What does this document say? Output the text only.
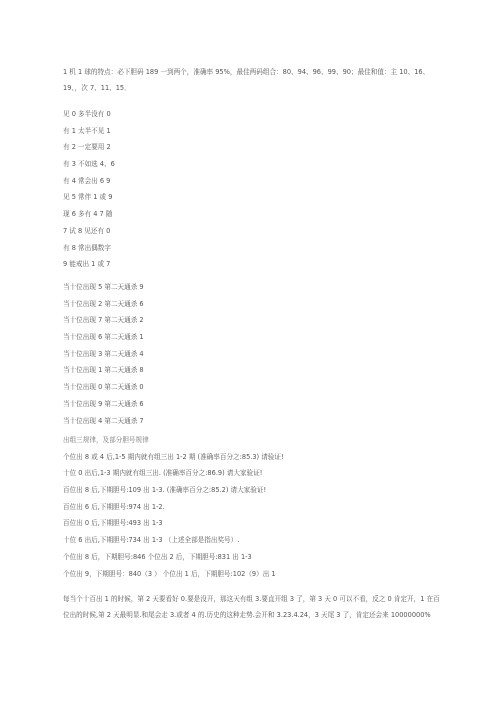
1 机 1 球的特点：必下胆码 189 一到两个，准确率 95%，最佳两码组合：80、94、96、99、90；最佳和值：主 10、16、19、，次 7、11、15．
见 0 多半没有 0
有 1 太半不见 1
有 2 一定要用 2
有 3 不如选 4、6
有 4 常会出 6 9
见 5 常伴 1 或 9
现 6 多有 4 7 随
7 试 8 见还有 0
有 8 常出偶数字
9 能戒出 1 或 7
当十位出现 5 第二天通杀 9
当十位出现 2 第二天通杀 6
当十位出现 7 第二天通杀 2
当十位出现 6 第二天通杀 1
当十位出现 3 第二天通杀 4
当十位出现 1 第二天通杀 8
当十位出现 0 第二天通杀 0
当十位出现 9 第二天通杀 6
当十位出现 4 第二天通杀 7
出组三规律，及部分胆号规律
个位出 8 或 4 后,1-5 期内就有组三出 1-2 期 (准确率百分之:85.3) 请验证!
十位 0 出后,1-3 期内就有组三出. (准确率百分之:86.9) 请大家验证!
百位出 8 后,下期胆号:109 出 1-3. (准确率百分之:85.2) 请大家验证!
百位出 6 后,下期胆号:974 出 1-2.
百位出 0 后,下期胆号:493 出 1-3
十位 6 出后,下期胆号:734 出 1-3 （上述全部是指出奖号）.
个位出 8 后，下期胆号:846 个位出 2 后，下期胆号:831 出 1-3
个位出 9，下期胆号：840（3 ） 个位出 1 后，下期胆号:102（9）出 1
每当个十百出 1 的时候，第 2 天要看好 0.要是没开，那这天有组 3.要直开组 3 了，第 3 天 0 可以不看，反之 0 肯定开，1 在百位出的时候,第 2 天最明显.和尾会走 3.或者 4 的.历史的这种走势.会开和 3.23.4.24，3 天尾 3 了，肯定还会来 10000000%
